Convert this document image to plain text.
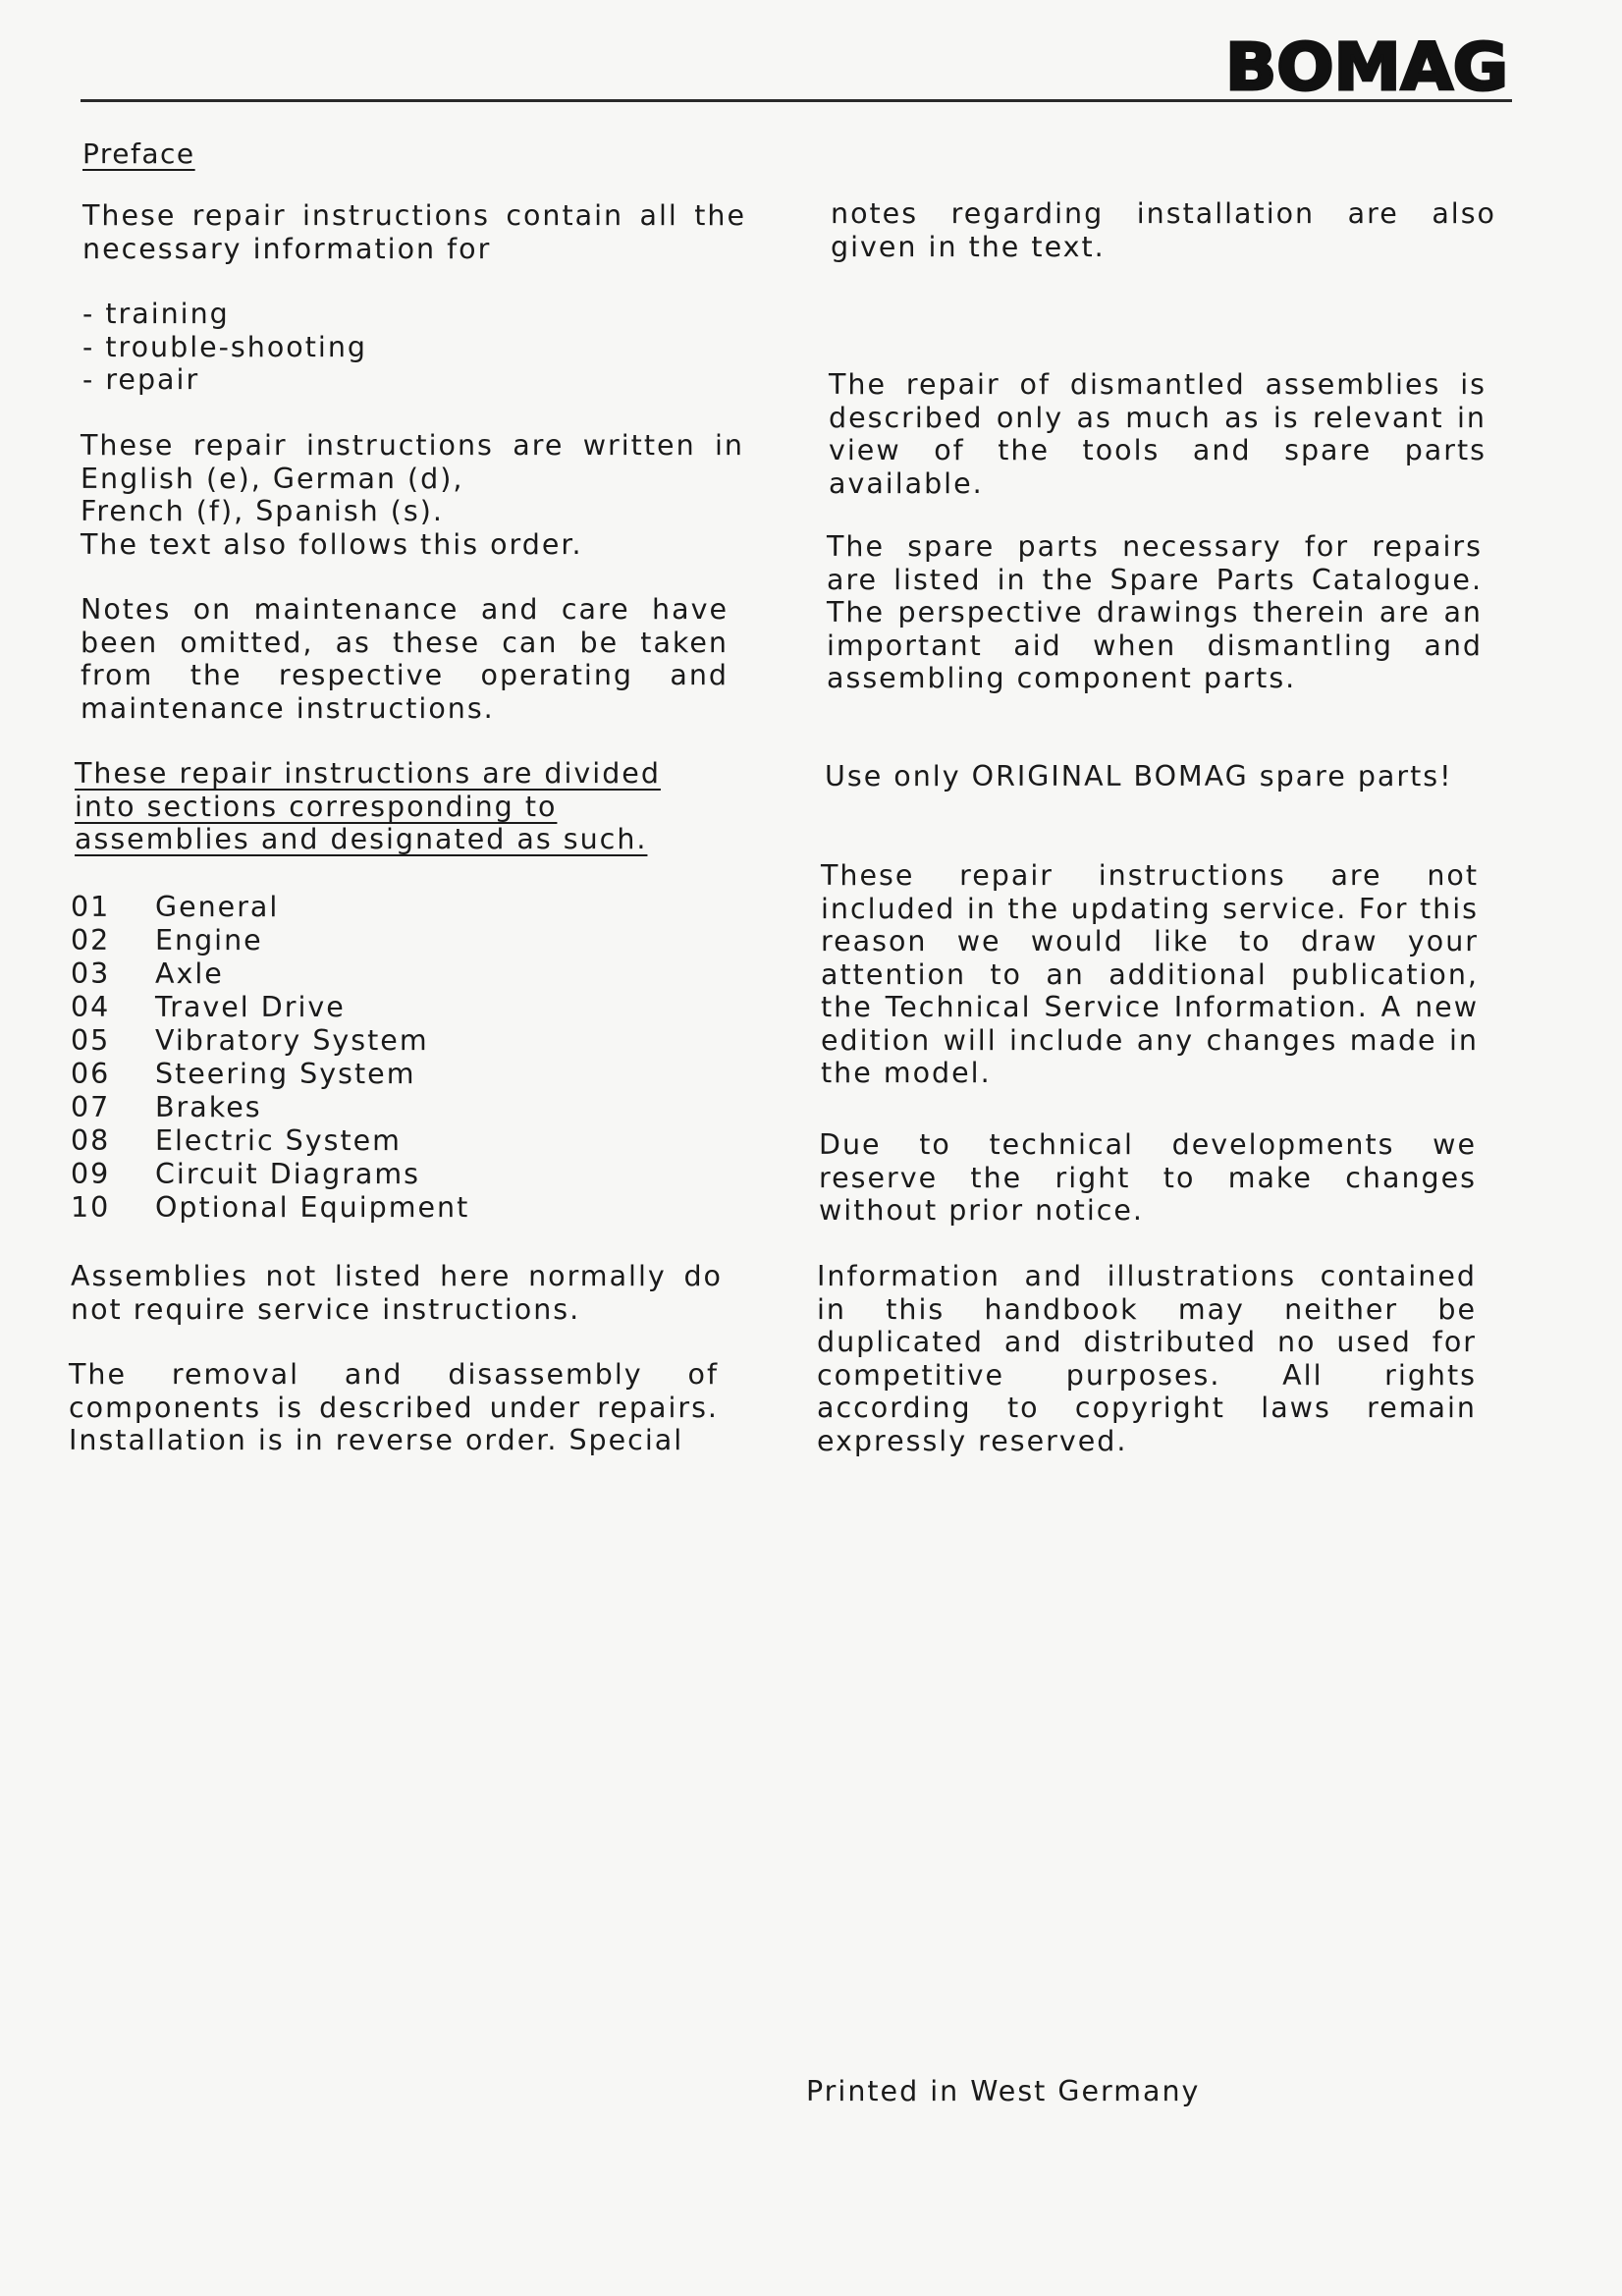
BOMAG
Preface

These repair instructions contain all the necessary information for

- training
- trouble-shooting
- repair
These repair instructions are written in
English (e), German (d),
French (f), Spanish (s).
The text also follows this order.

Notes on maintenance and care have been omitted, as these can be taken from the respective operating and maintenance instructions.

These repair instructions are divided into sections corresponding to assemblies and designated as such.

01 General
02 Engine
03 Axle
04 Travel Drive
05 Vibratory System
06 Steering System
07 Brakes
08 Electric System
09 Circuit Diagrams
10 Optional Equipment

Assemblies not listed here normally do not require service instructions.

The removal and disassembly of components is described under repairs. Installation is in reverse order. Special

notes regarding installation are also given in the text.

The repair of dismantled assemblies is described only as much as is relevant in view of the tools and spare parts available.

The spare parts necessary for repairs are listed in the Spare Parts Catalogue. The perspective drawings therein are an important aid when dismantling and assembling component parts.

Use only ORIGINAL BOMAG spare parts!

These repair instructions are not included in the updating service. For this reason we would like to draw your attention to an additional publication, the Technical Service Information. A new edition will include any changes made in the model.

Due to technical developments we reserve the right to make changes without prior notice.

Information and illustrations contained in this handbook may neither be duplicated and distributed no used for competitive purposes. All rights according to copyright laws remain expressly reserved.

Printed in West Germany
